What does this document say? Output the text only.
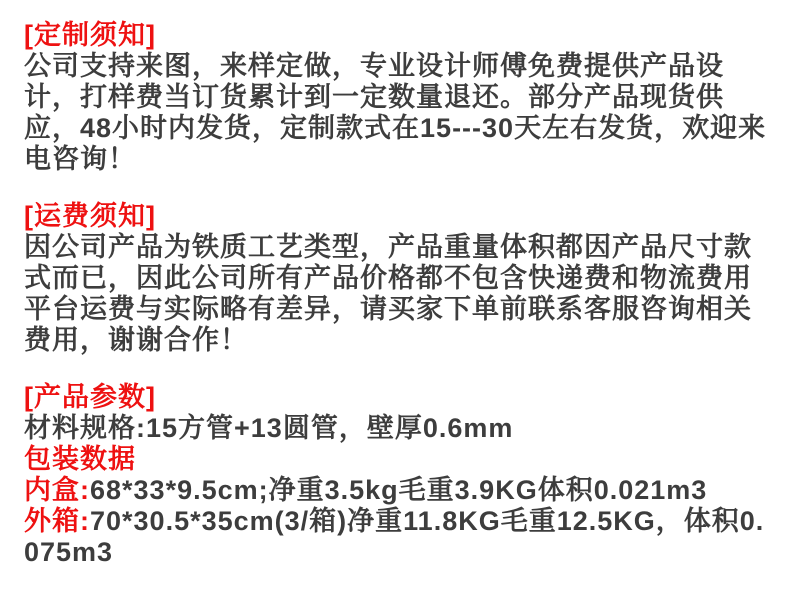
[定制须知]

公司支持来图，来样定做，专业设计师傅免费提供产品设计，打样费当订货累计到一定数量退还。部分产品现货供应，48小时内发货，定制款式在15---30天左右发货，欢迎来电咨询！

[运费须知]

因公司产品为铁质工艺类型，产品重量体积都因产品尺寸款式而已，因此公司所有产品价格都不包含快递费和物流费用平台运费与实际略有差异，请买家下单前联系客服咨询相关费用，谢谢合作！

[产品参数]

材料规格:15方管+13圆管，壁厚0.6mm

包装数据

内盒:68*33*9.5cm;净重3.5kg毛重3.9KG体积0.021m3

外箱:70*30.5*35cm(3/箱)净重11.8KG毛重12.5KG，体积0.075m3
